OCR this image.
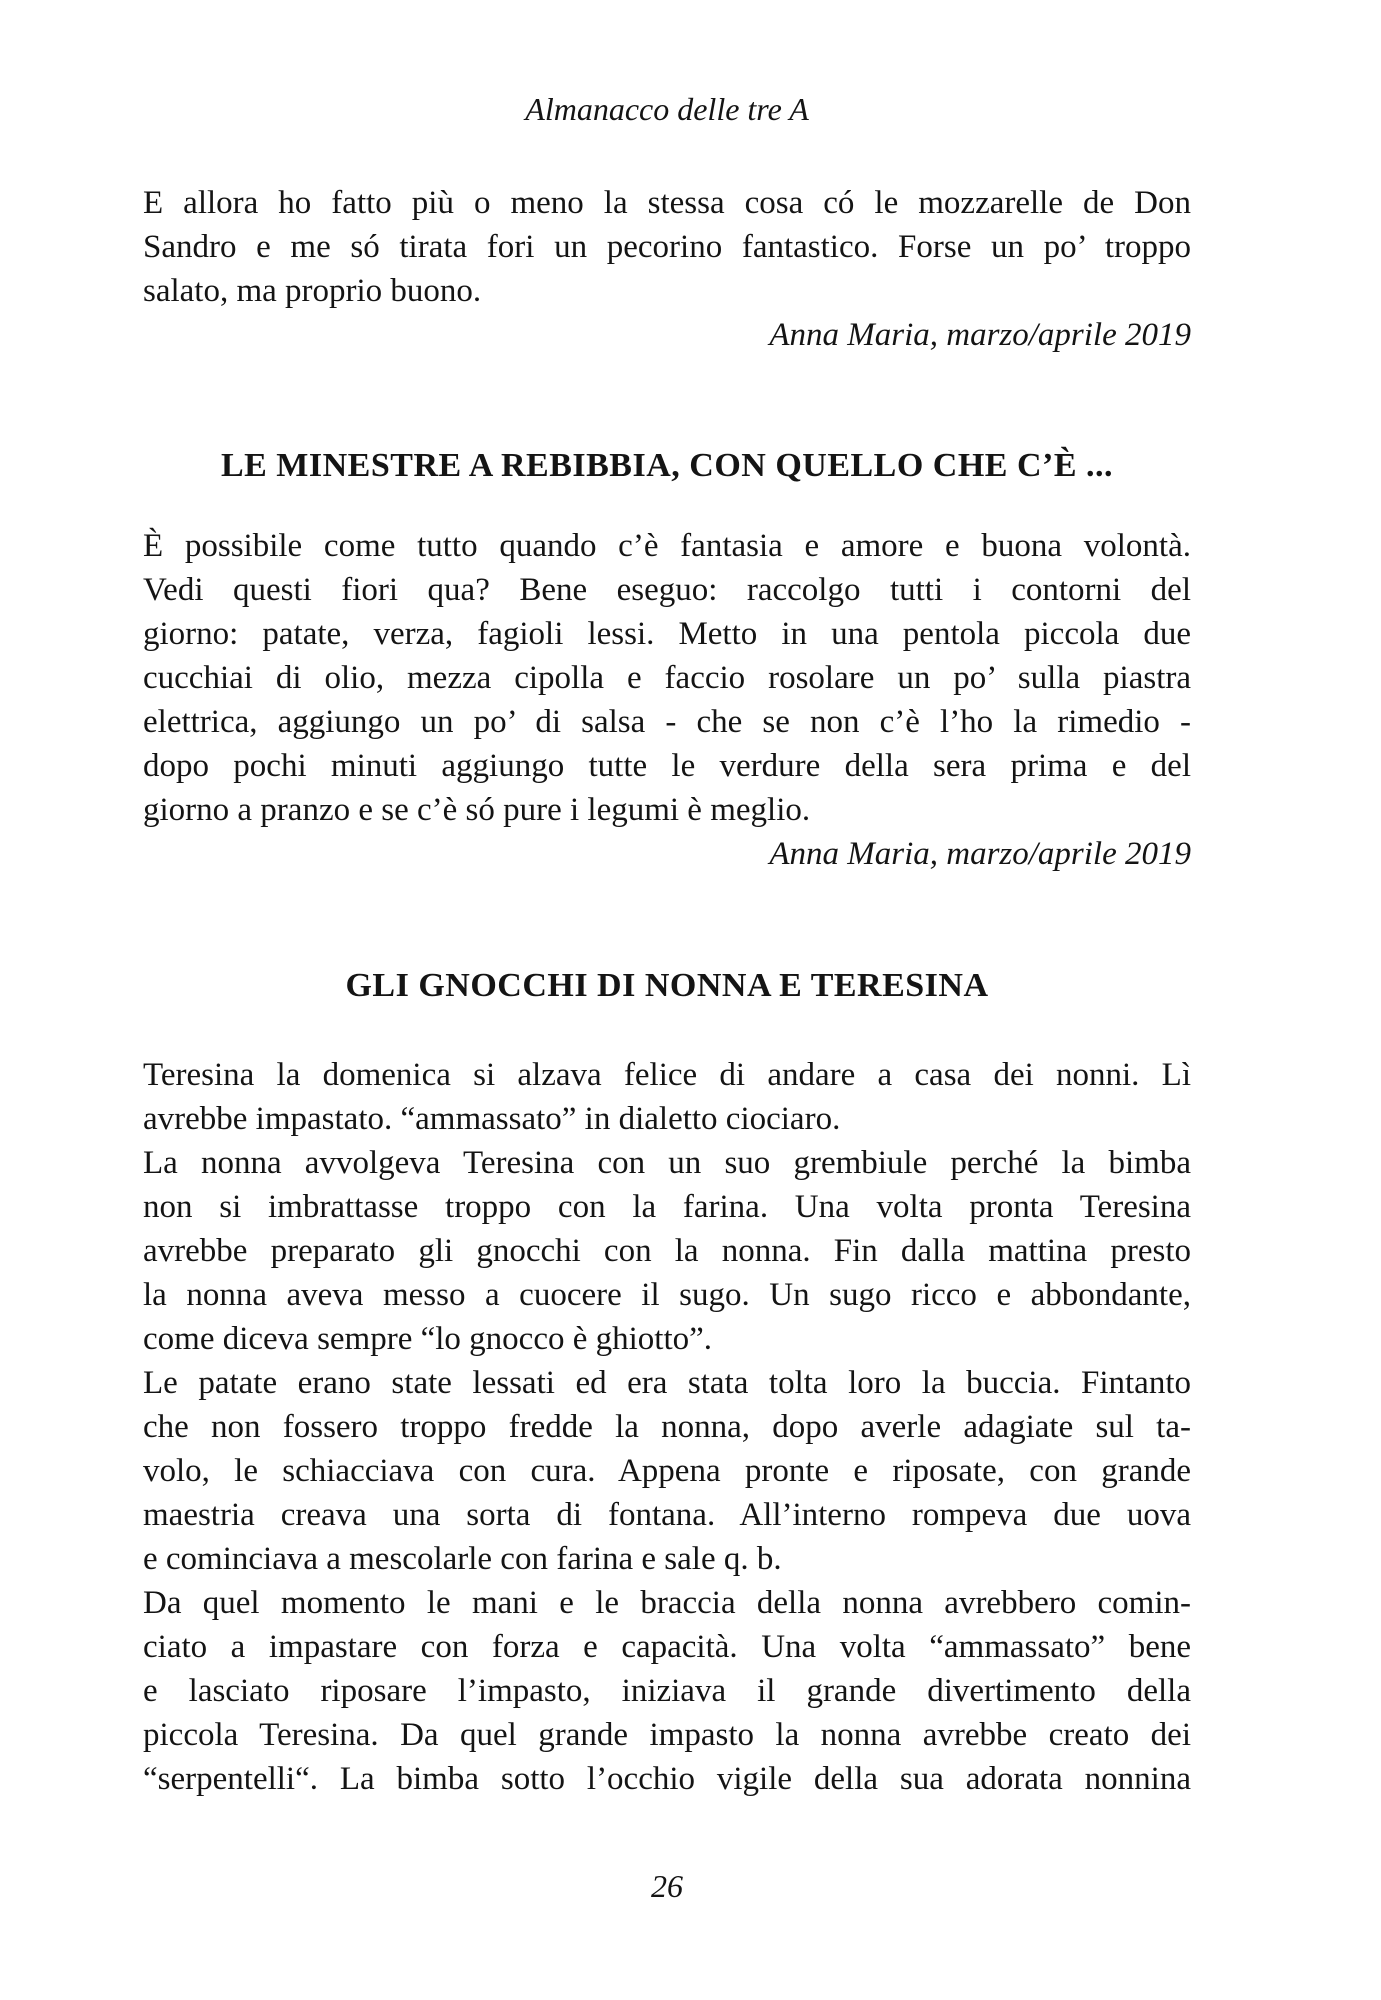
Almanacco delle tre A

E allora ho fatto più o meno la stessa cosa có le mozzarelle de Don

Sandro e me só tirata fori un pecorino fantastico. Forse un po’ troppo

salato, ma proprio buono.

Anna Maria, marzo/aprile 2019

LE MINESTRE A REBIBBIA, CON QUELLO CHE C’È ...

È possibile come tutto quando c’è fantasia e amore e buona volontà.

Vedi questi fiori qua? Bene eseguo: raccolgo tutti i contorni del

giorno: patate, verza, fagioli lessi. Metto in una pentola piccola due

cucchiai di olio, mezza cipolla e faccio rosolare un po’ sulla piastra

elettrica, aggiungo un po’ di salsa - che se non c’è l’ho la rimedio -

dopo pochi minuti aggiungo tutte le verdure della sera prima e del

giorno a pranzo e se c’è só pure i legumi è meglio.

Anna Maria, marzo/aprile 2019

GLI GNOCCHI DI NONNA E TERESINA

Teresina la domenica si alzava felice di andare a casa dei nonni. Lì

avrebbe impastato. “ammassato” in dialetto ciociaro.

La nonna avvolgeva Teresina con un suo grembiule perché la bimba

non si imbrattasse troppo con la farina. Una volta pronta Teresina

avrebbe preparato gli gnocchi con la nonna. Fin dalla mattina presto

la nonna aveva messo a cuocere il sugo. Un sugo ricco e abbondante,

come diceva sempre “lo gnocco è ghiotto”.

Le patate erano state lessati ed era stata tolta loro la buccia. Fintanto

che non fossero troppo fredde la nonna, dopo averle adagiate sul ta-

volo, le schiacciava con cura. Appena pronte e riposate, con grande

maestria creava una sorta di fontana. All’interno rompeva due uova

e cominciava a mescolarle con farina e sale q. b.

Da quel momento le mani e le braccia della nonna avrebbero comin-

ciato a impastare con forza e capacità. Una volta “ammassato” bene

e lasciato riposare l’impasto, iniziava il grande divertimento della

piccola Teresina. Da quel grande impasto la nonna avrebbe creato dei

“serpentelli“. La bimba sotto l’occhio vigile della sua adorata nonnina

26
